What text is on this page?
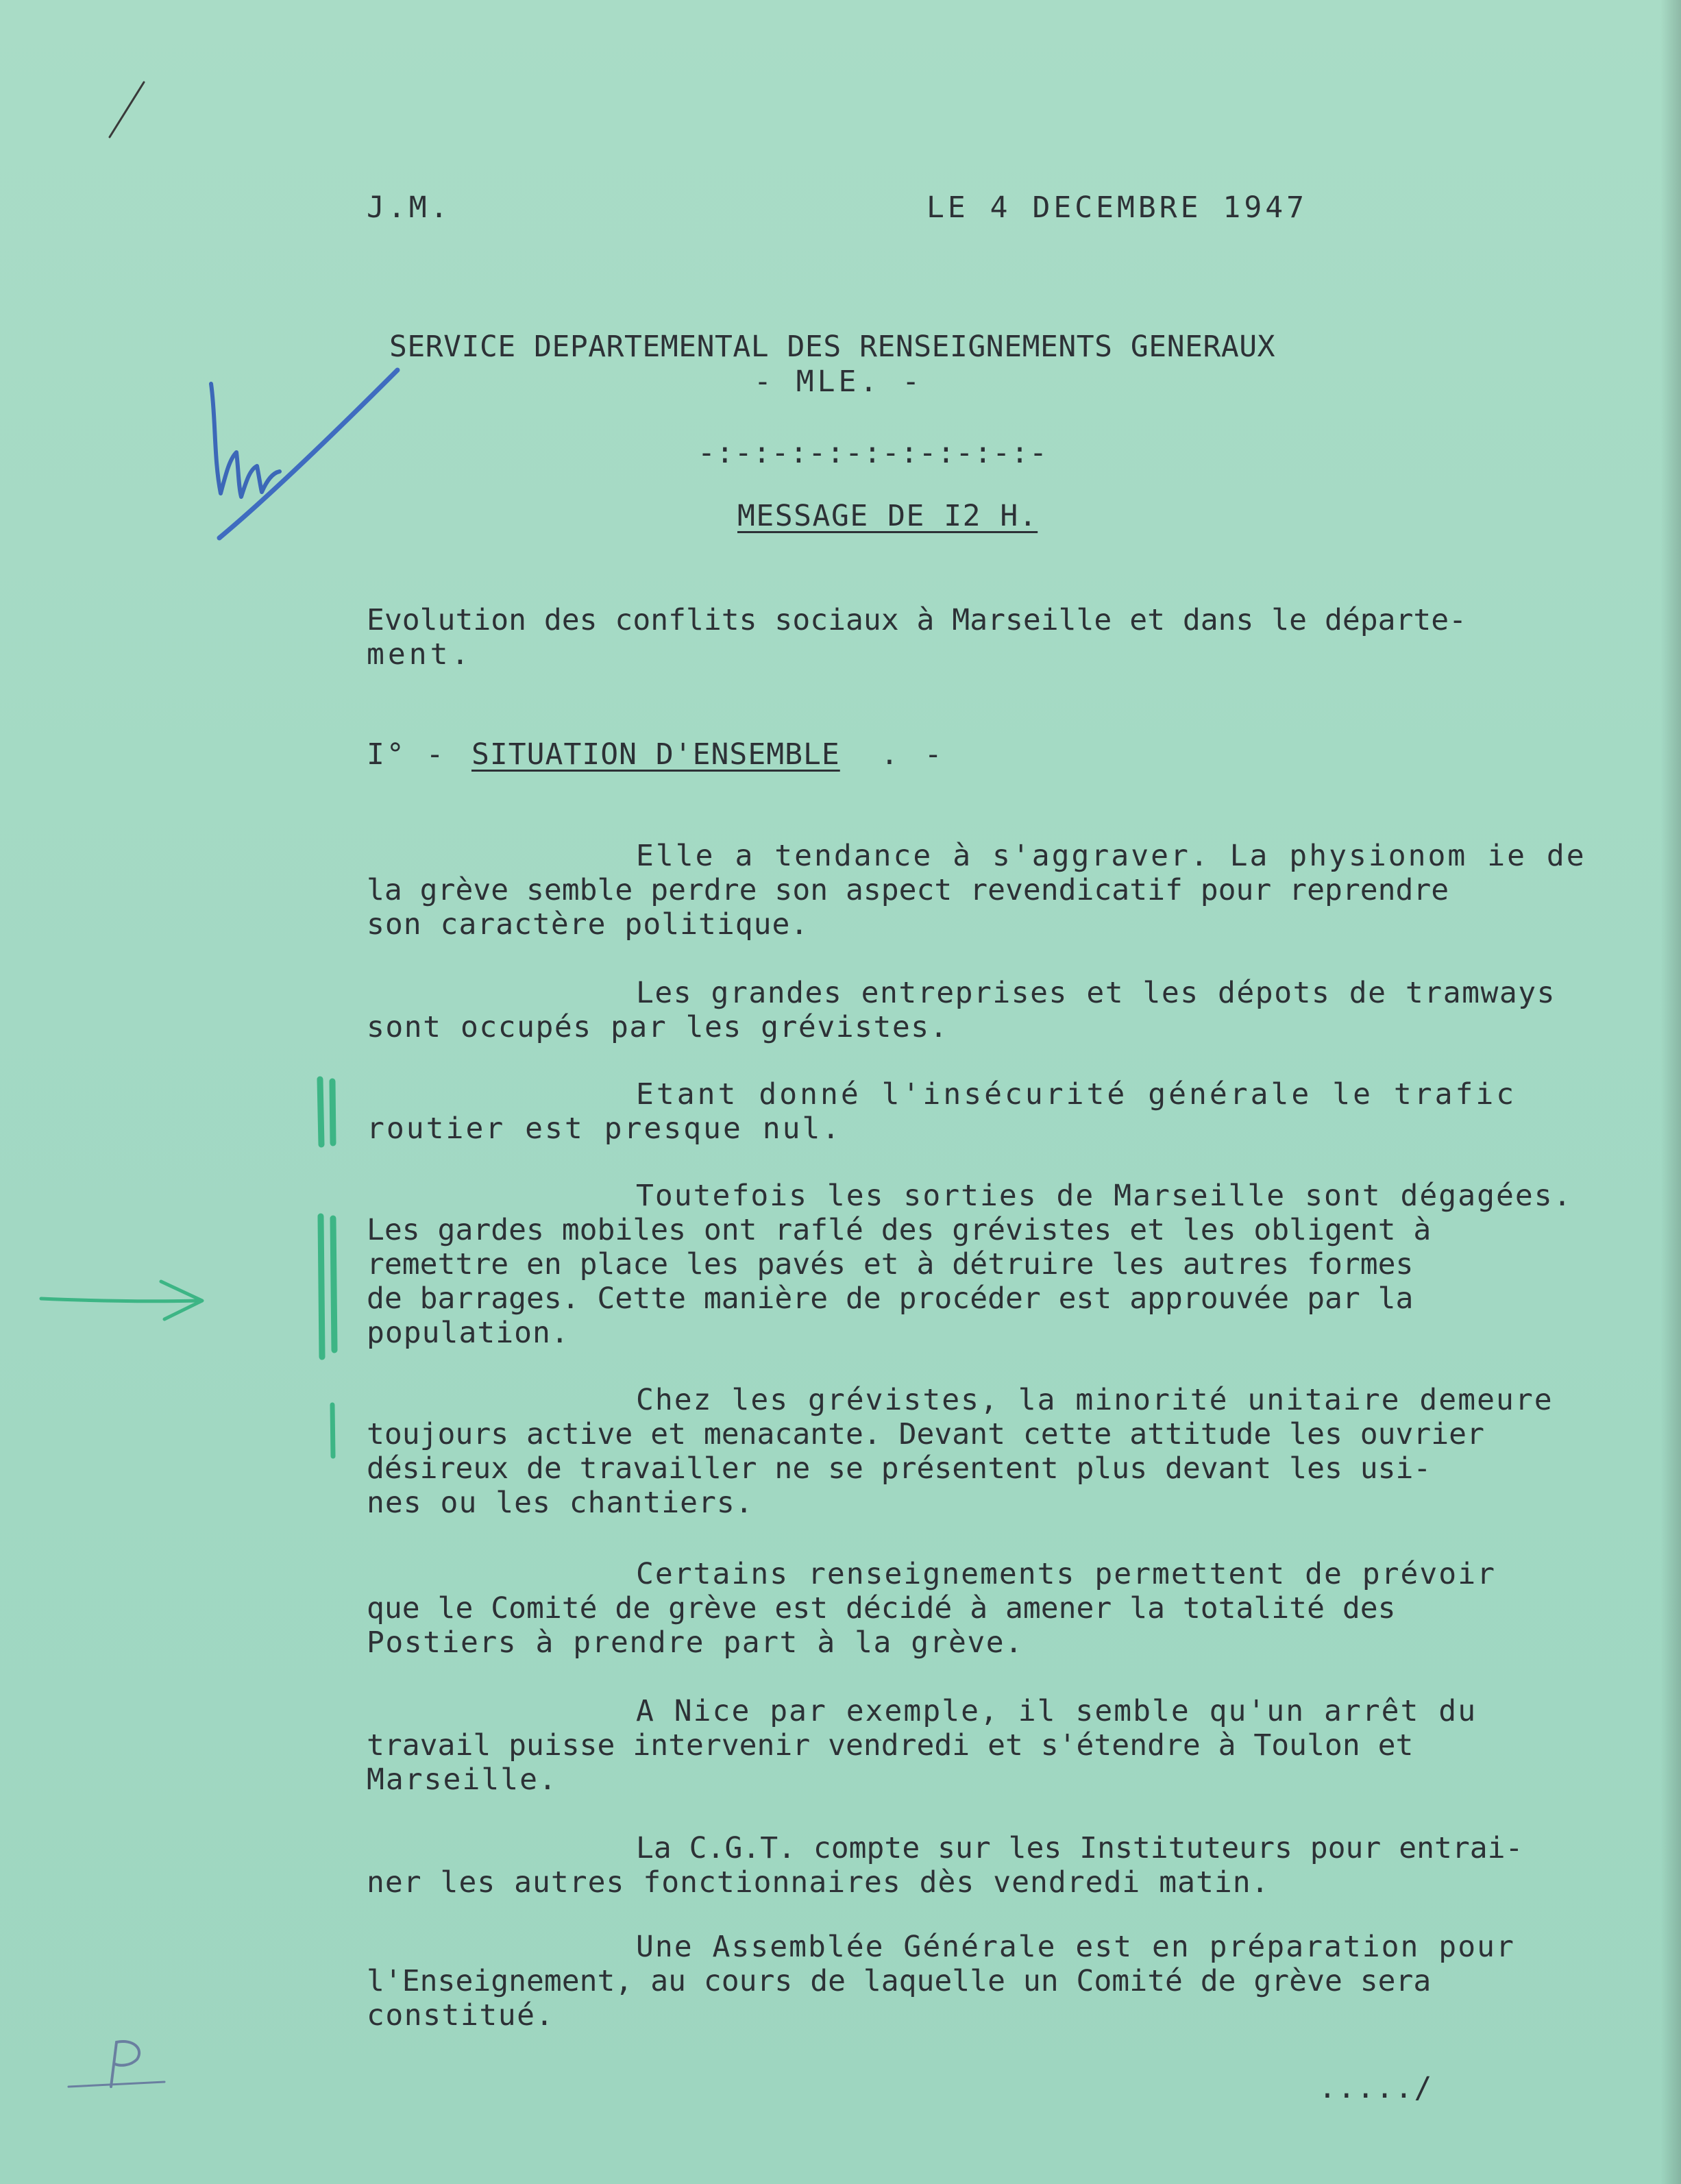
J.M.	LE 4 DECEMBRE 1947
SERVICE DEPARTEMENTAL DES RENSEIGNEMENTS GENERAUX
- MLE. -
-:-:-:-:-:-:-:-:-:-
MESSAGE DE I2 H.
Evolution des conflits sociaux à Marseille et dans le départe-
ment.
I° - SITUATION D'ENSEMBLE . -
Elle a tendance à s'aggraver. La physionom ie de
la grève semble perdre son aspect revendicatif pour reprendre
son caractère politique.
Les grandes entreprises et les dépots de tramways
sont occupés par les grévistes.
Etant donné l'insécurité générale le trafic
routier est presque nul.
Toutefois les sorties de Marseille sont dégagées.
Les gardes mobiles ont raflé des grévistes et les obligent à
remettre en place les pavés et à détruire les autres formes
de barrages. Cette manière de procéder est approuvée par la
population.
Chez les grévistes, la minorité unitaire demeure
toujours active et menacante. Devant cette attitude les ouvrier
désireux de travailler ne se présentent plus devant les usi-
nes ou les chantiers.
Certains renseignements permettent de prévoir
que le Comité de grève est décidé à amener la totalité des
Postiers à prendre part à la grève.
A Nice par exemple, il semble qu'un arrêt du
travail puisse intervenir vendredi et s'étendre à Toulon et
Marseille.
La C.G.T. compte sur les Instituteurs pour entrai-
ner les autres fonctionnaires dès vendredi matin.
Une Assemblée Générale est en préparation pour
l'Enseignement, au cours de laquelle un Comité de grève sera
constitué.
...../
